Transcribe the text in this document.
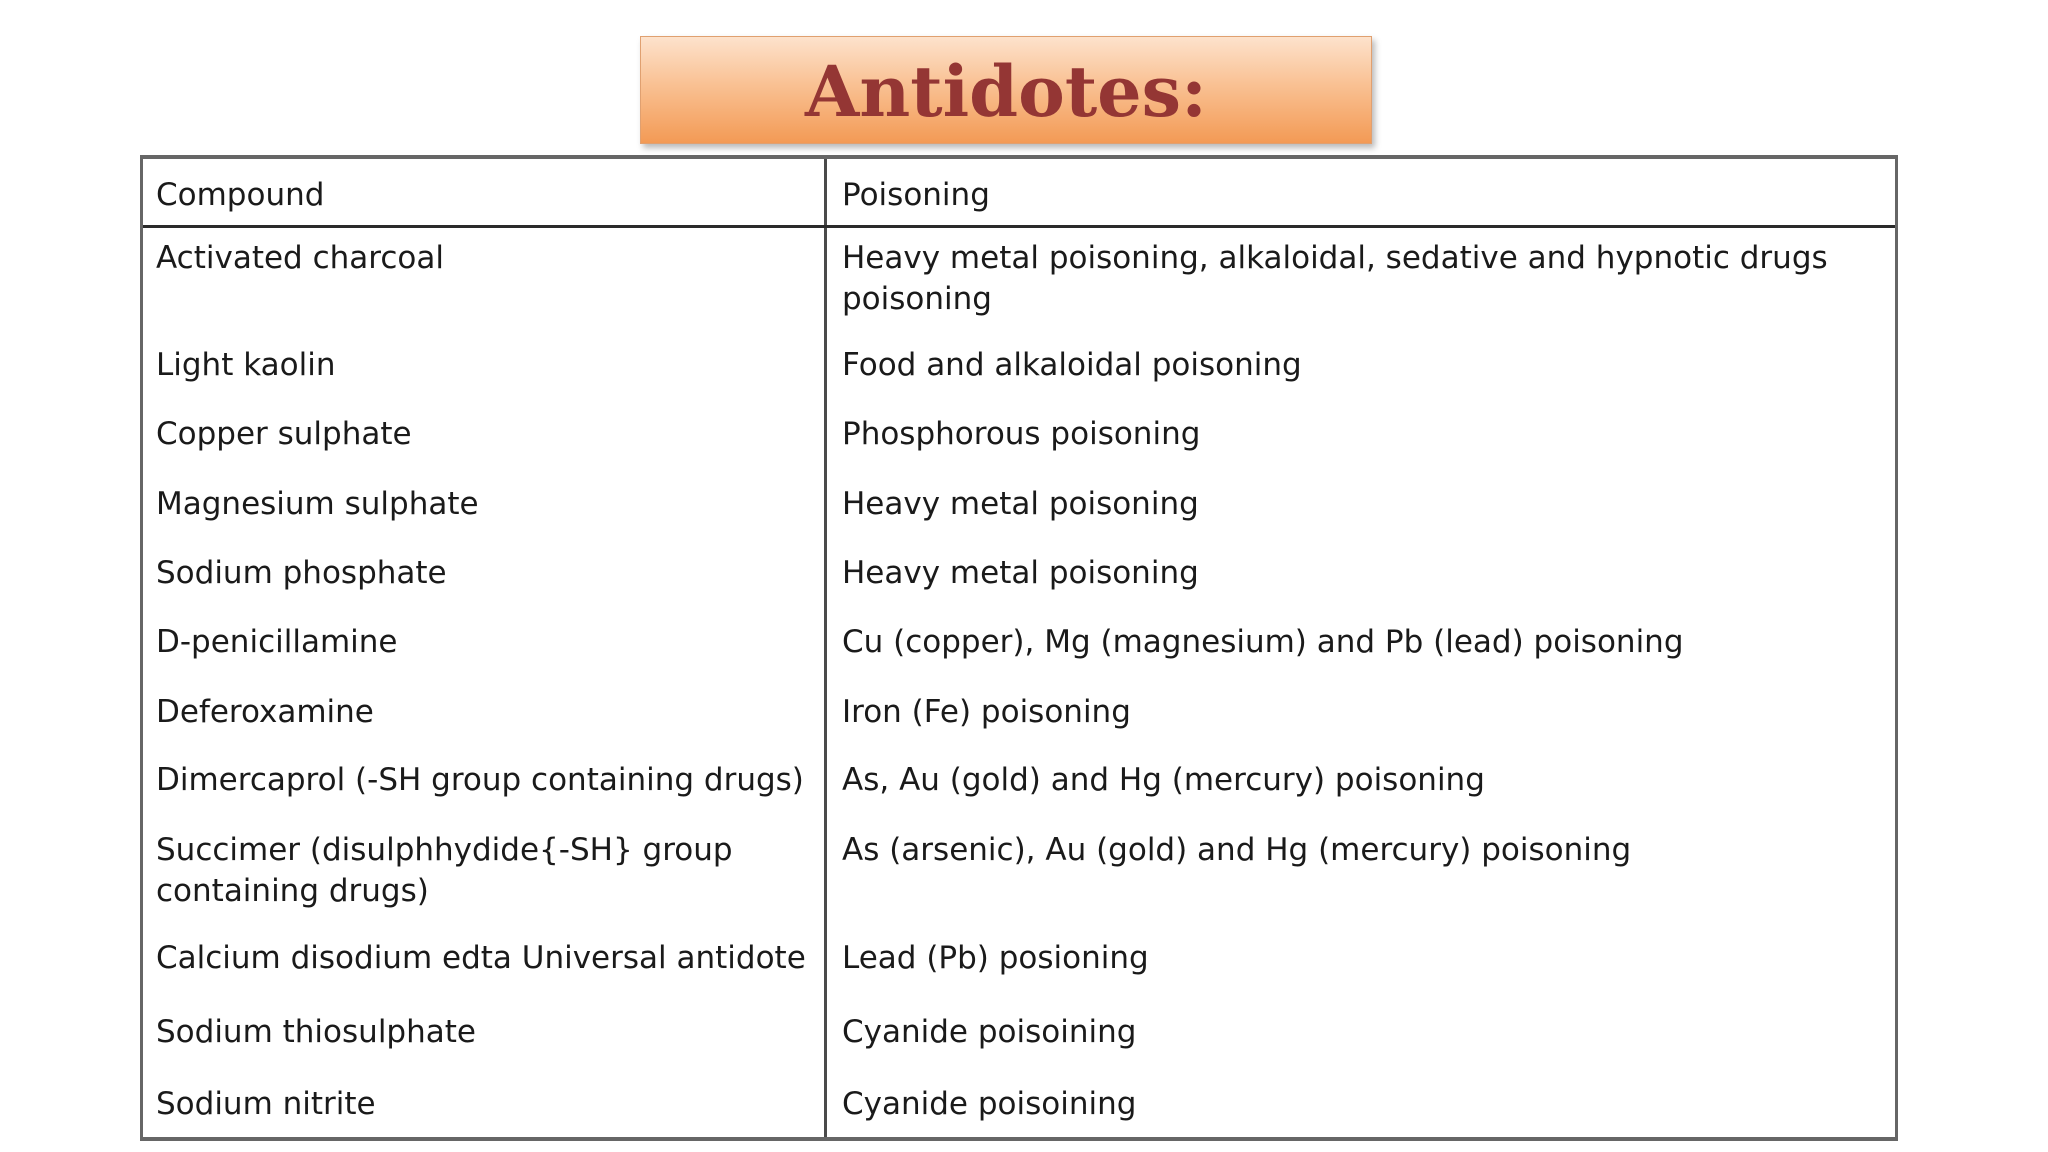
Antidotes:
Compound	Poisoning
Activated charcoal	Heavy metal poisoning, alkaloidal, sedative and hypnotic drugs poisoning
Light kaolin	Food and alkaloidal poisoning
Copper sulphate	Phosphorous poisoning
Magnesium sulphate	Heavy metal poisoning
Sodium phosphate	Heavy metal poisoning
D-penicillamine	Cu (copper), Mg (magnesium) and Pb (lead) poisoning
Deferoxamine	Iron (Fe) poisoning
Dimercaprol (-SH group containing drugs)	As, Au (gold) and Hg (mercury) poisoning
Succimer (disulphhydide{-SH} group containing drugs)	As (arsenic), Au (gold) and Hg (mercury) poisoning
Calcium disodium edta Universal antidote	Lead (Pb) posioning
Sodium thiosulphate	Cyanide poisoining
Sodium nitrite	Cyanide poisoining
